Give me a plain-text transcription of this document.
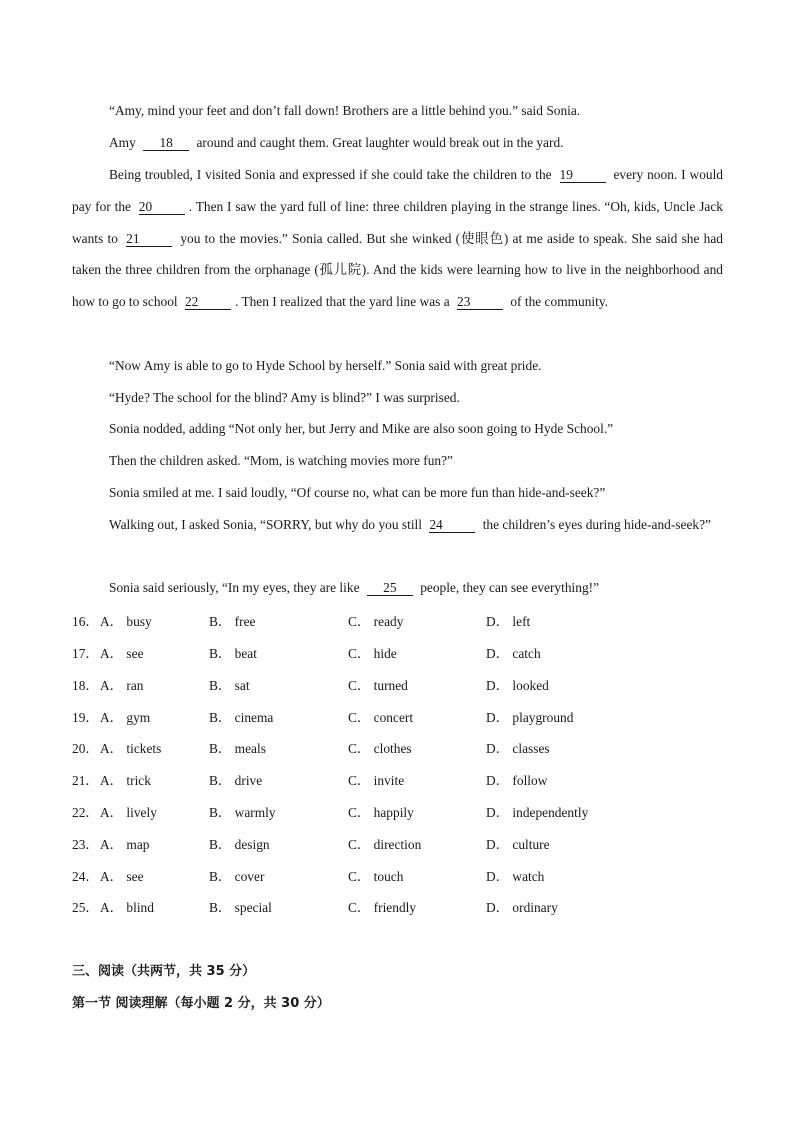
“Amy, mind your feet and don’t fall down! Brothers are a little behind you.” said Sonia.

Amy 18 around and caught them. Great laughter would break out in the yard.

Being troubled, I visited Sonia and expressed if she could take the children to the 19	every noon. I would pay for the 20	. Then I saw the yard full of line: three children playing in the strange lines. “Oh, kids, Uncle Jack wants to 21	you to the movies.” Sonia called. But she winked (使眼色) at me aside to speak. She said she had taken the three children from the orphanage (孤儿院). And the kids were learning how to live in the neighborhood and how to go to school 22	. Then I realized that the yard line was a 23	of the community.

“Now Amy is able to go to Hyde School by herself.” Sonia said with great pride.

“Hyde? The school for the blind? Amy is blind?” I was surprised.

Sonia nodded, adding “Not only her, but Jerry and Mike are also soon going to Hyde School.”

Then the children asked. “Mom, is watching movies more fun?”

Sonia smiled at me. I said loudly, “Of course no, what can be more fun than hide-and-seek?”

Walking out, I asked Sonia, “SORRY, but why do you still 24	the children’s eyes during hide-and-seek?”

Sonia said seriously, “In my eyes, they are like 25 people, they can see everything!”

16． A． busy	B． free	C． ready	D． left
17． A． see	B． beat	C． hide	D． catch
18． A． ran	B． sat	C． turned	D． looked
19． A． gym	B． cinema	C． concert	D． playground
20． A． tickets	B． meals	C． clothes	D． classes
21． A． trick	B． drive	C． invite	D． follow
22． A． lively	B． warmly	C． happily	D． independently
23． A． map	B． design	C． direction	D． culture
24． A． see	B． cover	C． touch	D． watch
25． A． blind	B． special	C． friendly	D． ordinary
三、阅读（共两节，共 35 分）
第一节 阅读理解（每小题 2 分，共 30 分）
